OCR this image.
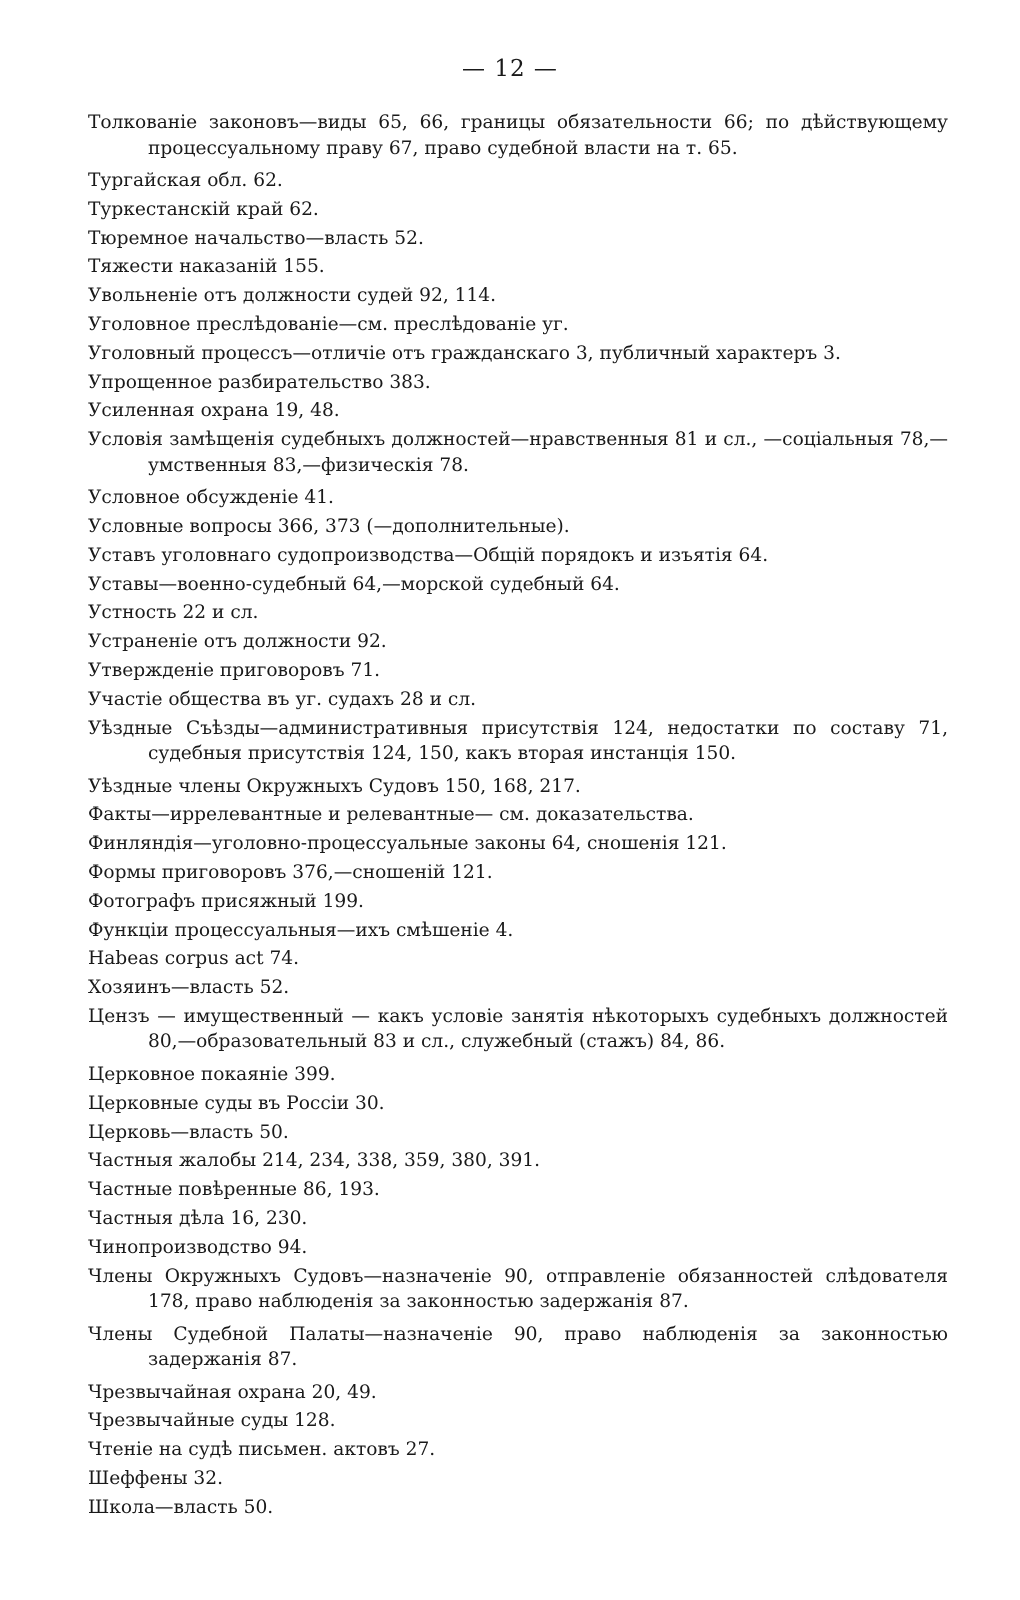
— 12 —
Толкованіе законовъ—виды 65, 66, границы обязательности 66; по дѣйствующему процессуальному праву 67, право судебной власти на т. 65.
Тургайская обл. 62.
Туркестанскій край 62.
Тюремное начальство—власть 52.
Тяжести наказаній 155.
Увольненіе отъ должности судей 92, 114.
Уголовное преслѣдованіе—см. преслѣдованіе уг.
Уголовный процессъ—отличіе отъ гражданскаго 3, публичный характеръ 3.
Упрощенное разбирательство 383.
Усиленная охрана 19, 48.
Условія замѣщенія судебныхъ должностей—нравственныя 81 и сл., —соціальныя 78,—умственныя 83,—физическія 78.
Условное обсужденіе 41.
Условные вопросы 366, 373 (—дополнительные).
Уставъ уголовнаго судопроизводства—Общій порядокъ и изъятія 64.
Уставы—военно-судебный 64,—морской судебный 64.
Устность 22 и сл.
Устраненіе отъ должности 92.
Утвержденіе приговоровъ 71.
Участіе общества въ уг. судахъ 28 и сл.
Уѣздные Съѣзды—административныя присутствія 124, недостатки по составу 71, судебныя присутствія 124, 150, какъ вторая инстанція 150.
Уѣздные члены Окружныхъ Судовъ 150, 168, 217.
Факты—иррелевантные и релевантные— см. доказательства.
Финляндія—уголовно-процессуальные законы 64, сношенія 121.
Формы приговоровъ 376,—сношеній 121.
Фотографъ присяжный 199.
Функціи процессуальныя—ихъ смѣшеніе 4.
Habeas corpus act 74.
Хозяинъ—власть 52.
Цензъ — имущественный — какъ условіе занятія нѣкоторыхъ судебныхъ должностей 80,—образовательный 83 и сл., служебный (стажъ) 84, 86.
Церковное покаяніе 399.
Церковные суды въ Россіи 30.
Церковь—власть 50.
Частныя жалобы 214, 234, 338, 359, 380, 391.
Частные повѣренные 86, 193.
Частныя дѣла 16, 230.
Чинопроизводство 94.
Члены Окружныхъ Судовъ—назначеніе 90, отправленіе обязанностей слѣдователя 178, право наблюденія за законностью задержанія 87.
Члены Судебной Палаты—назначеніе 90, право наблюденія за законностью задержанія 87.
Чрезвычайная охрана 20, 49.
Чрезвычайные суды 128.
Чтеніе на судѣ письмен. актовъ 27.
Шеффены 32.
Школа—власть 50.
